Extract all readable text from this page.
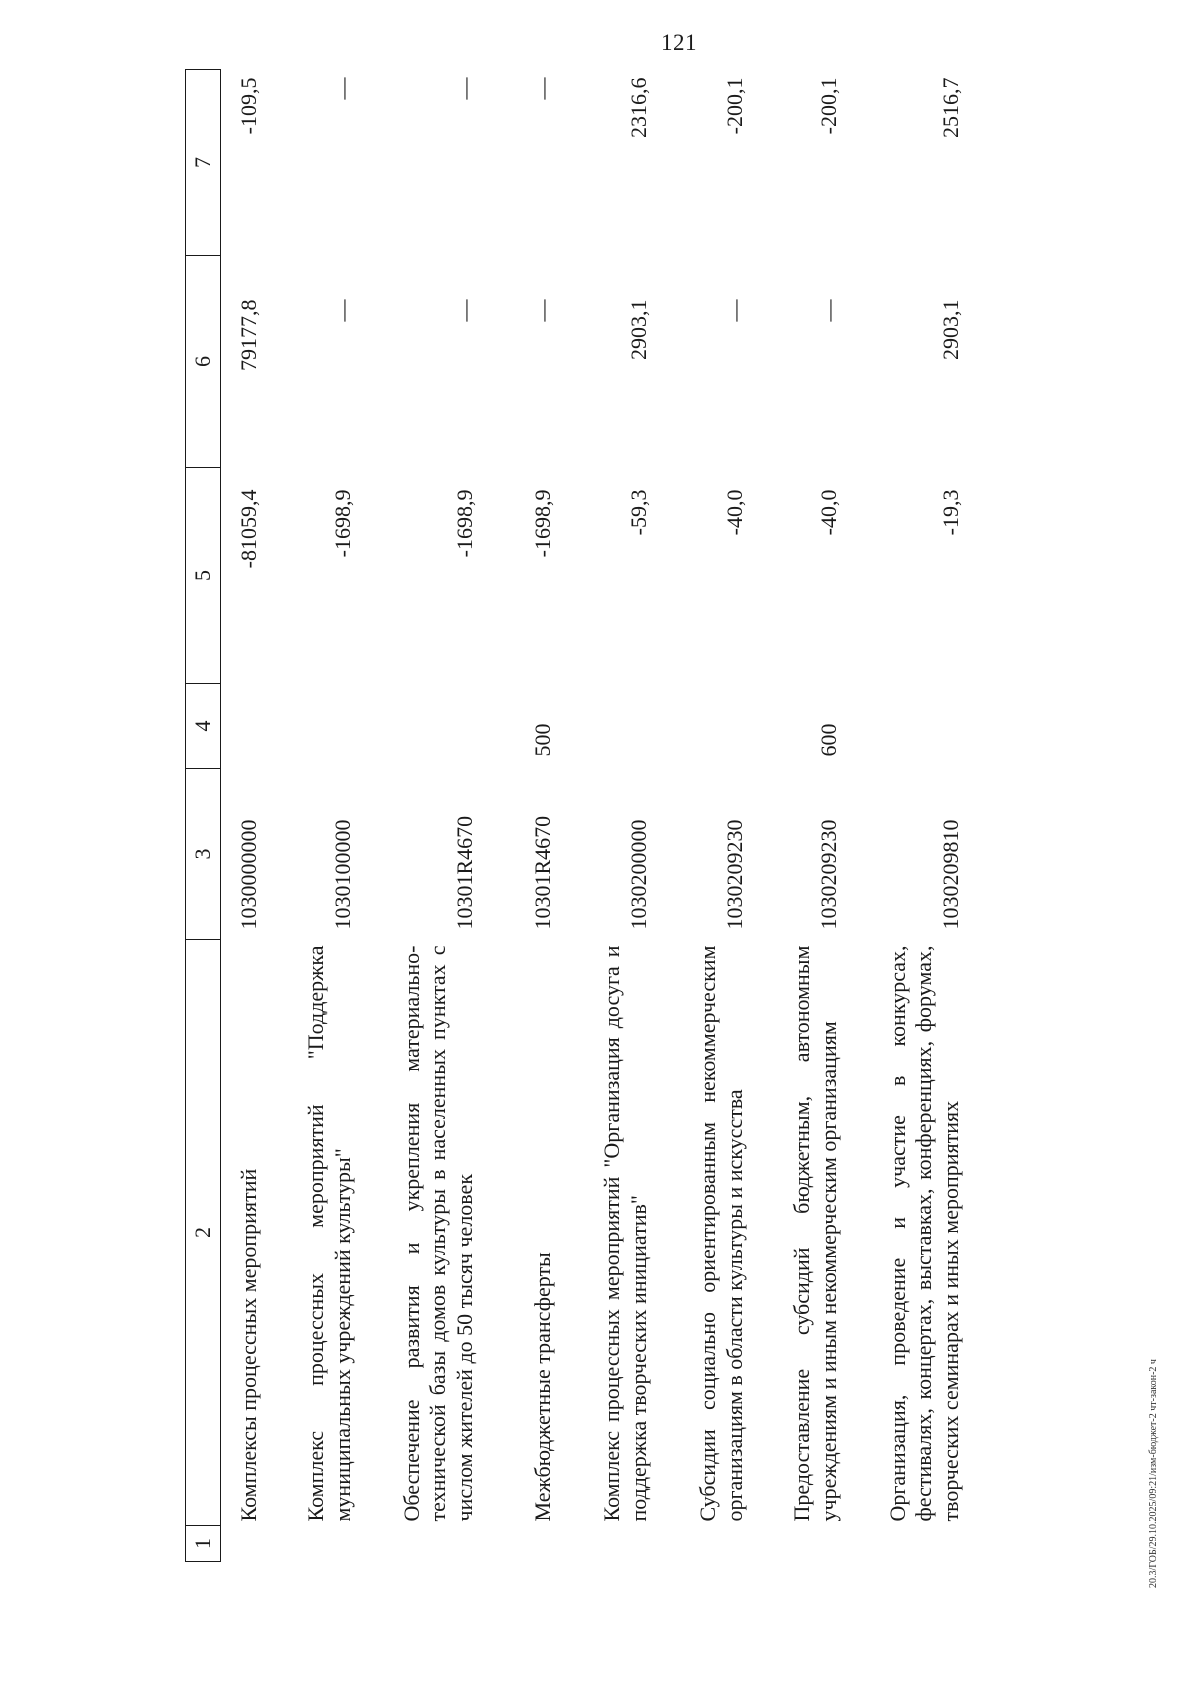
121
20.3/ГОБ/29.10.2025/09:21/изм-бюджет-2 чт-закон-2 ч
1	2	3	4	5	6	7
	Комплексы процессных мероприятий	1030000000		-81059,4	79177,8	-109,5
	Комплекс процессных мероприятий "Поддержка муниципальных учреждений культуры"	1030100000		-1698,9	—	—
	Обеспечение развития и укрепления материально-технической базы домов культуры в населенных пунктах с числом жителей до 50 тысяч человек	10301R4670		-1698,9	—	—
	Межбюджетные трансферты	10301R4670	500	-1698,9	—	—
	Комплекс процессных мероприятий "Организация досуга и поддержка творческих инициатив"	1030200000		-59,3	2903,1	2316,6
	Субсидии социально ориентированным некоммерческим организациям в области культуры и искусства	1030209230		-40,0	—	-200,1
	Предоставление субсидий бюджетным, автономным учреждениям и иным некоммерческим организациям	1030209230	600	-40,0	—	-200,1
	Организация, проведение и участие в конкурсах, фестивалях, концертах, выставках, конференциях, форумах, творческих семинарах и иных мероприятиях	1030209810		-19,3	2903,1	2516,7
